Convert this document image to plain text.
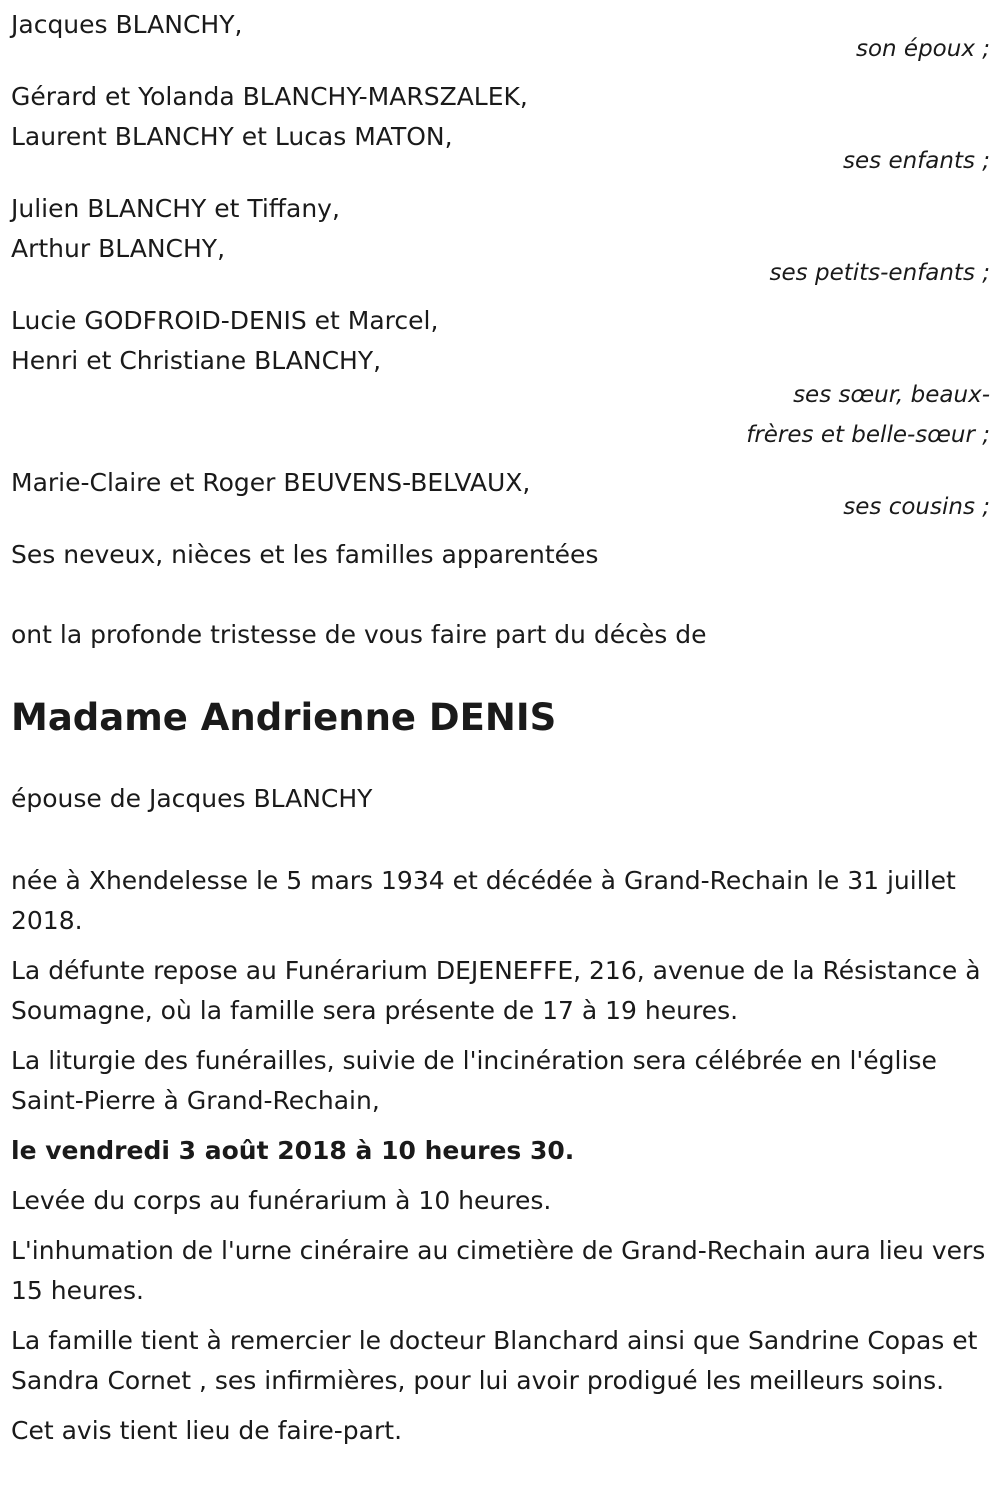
Jacques BLANCHY,
son époux ;
Gérard et Yolanda BLANCHY-MARSZALEK,
Laurent BLANCHY et Lucas MATON,
ses enfants ;
Julien BLANCHY et Tiffany,
Arthur BLANCHY,
ses petits-enfants ;
Lucie GODFROID-DENIS et Marcel,
Henri et Christiane BLANCHY,
ses sœur, beaux-frères et belle-sœur ;
Marie-Claire et Roger BEUVENS-BELVAUX,
ses cousins ;
Ses neveux, nièces et les familles apparentées
ont la profonde tristesse de vous faire part du décès de
Madame Andrienne DENIS
épouse de Jacques BLANCHY
née à Xhendelesse le 5 mars 1934 et décédée à Grand-Rechain le 31 juillet 2018.
La défunte repose au Funérarium DEJENEFFE, 216, avenue de la Résistance à Soumagne, où la famille sera présente de 17 à 19 heures.
La liturgie des funérailles, suivie de l'incinération sera célébrée en l'église Saint-Pierre à Grand-Rechain,
le vendredi 3 août 2018 à 10 heures 30.
Levée du corps au funérarium à 10 heures.
L'inhumation de l'urne cinéraire au cimetière de Grand-Rechain aura lieu vers 15 heures.
La famille tient à remercier le docteur Blanchard ainsi que Sandrine Copas et Sandra Cornet , ses infirmières, pour lui avoir prodigué les meilleurs soins.
Cet avis tient lieu de faire-part.
